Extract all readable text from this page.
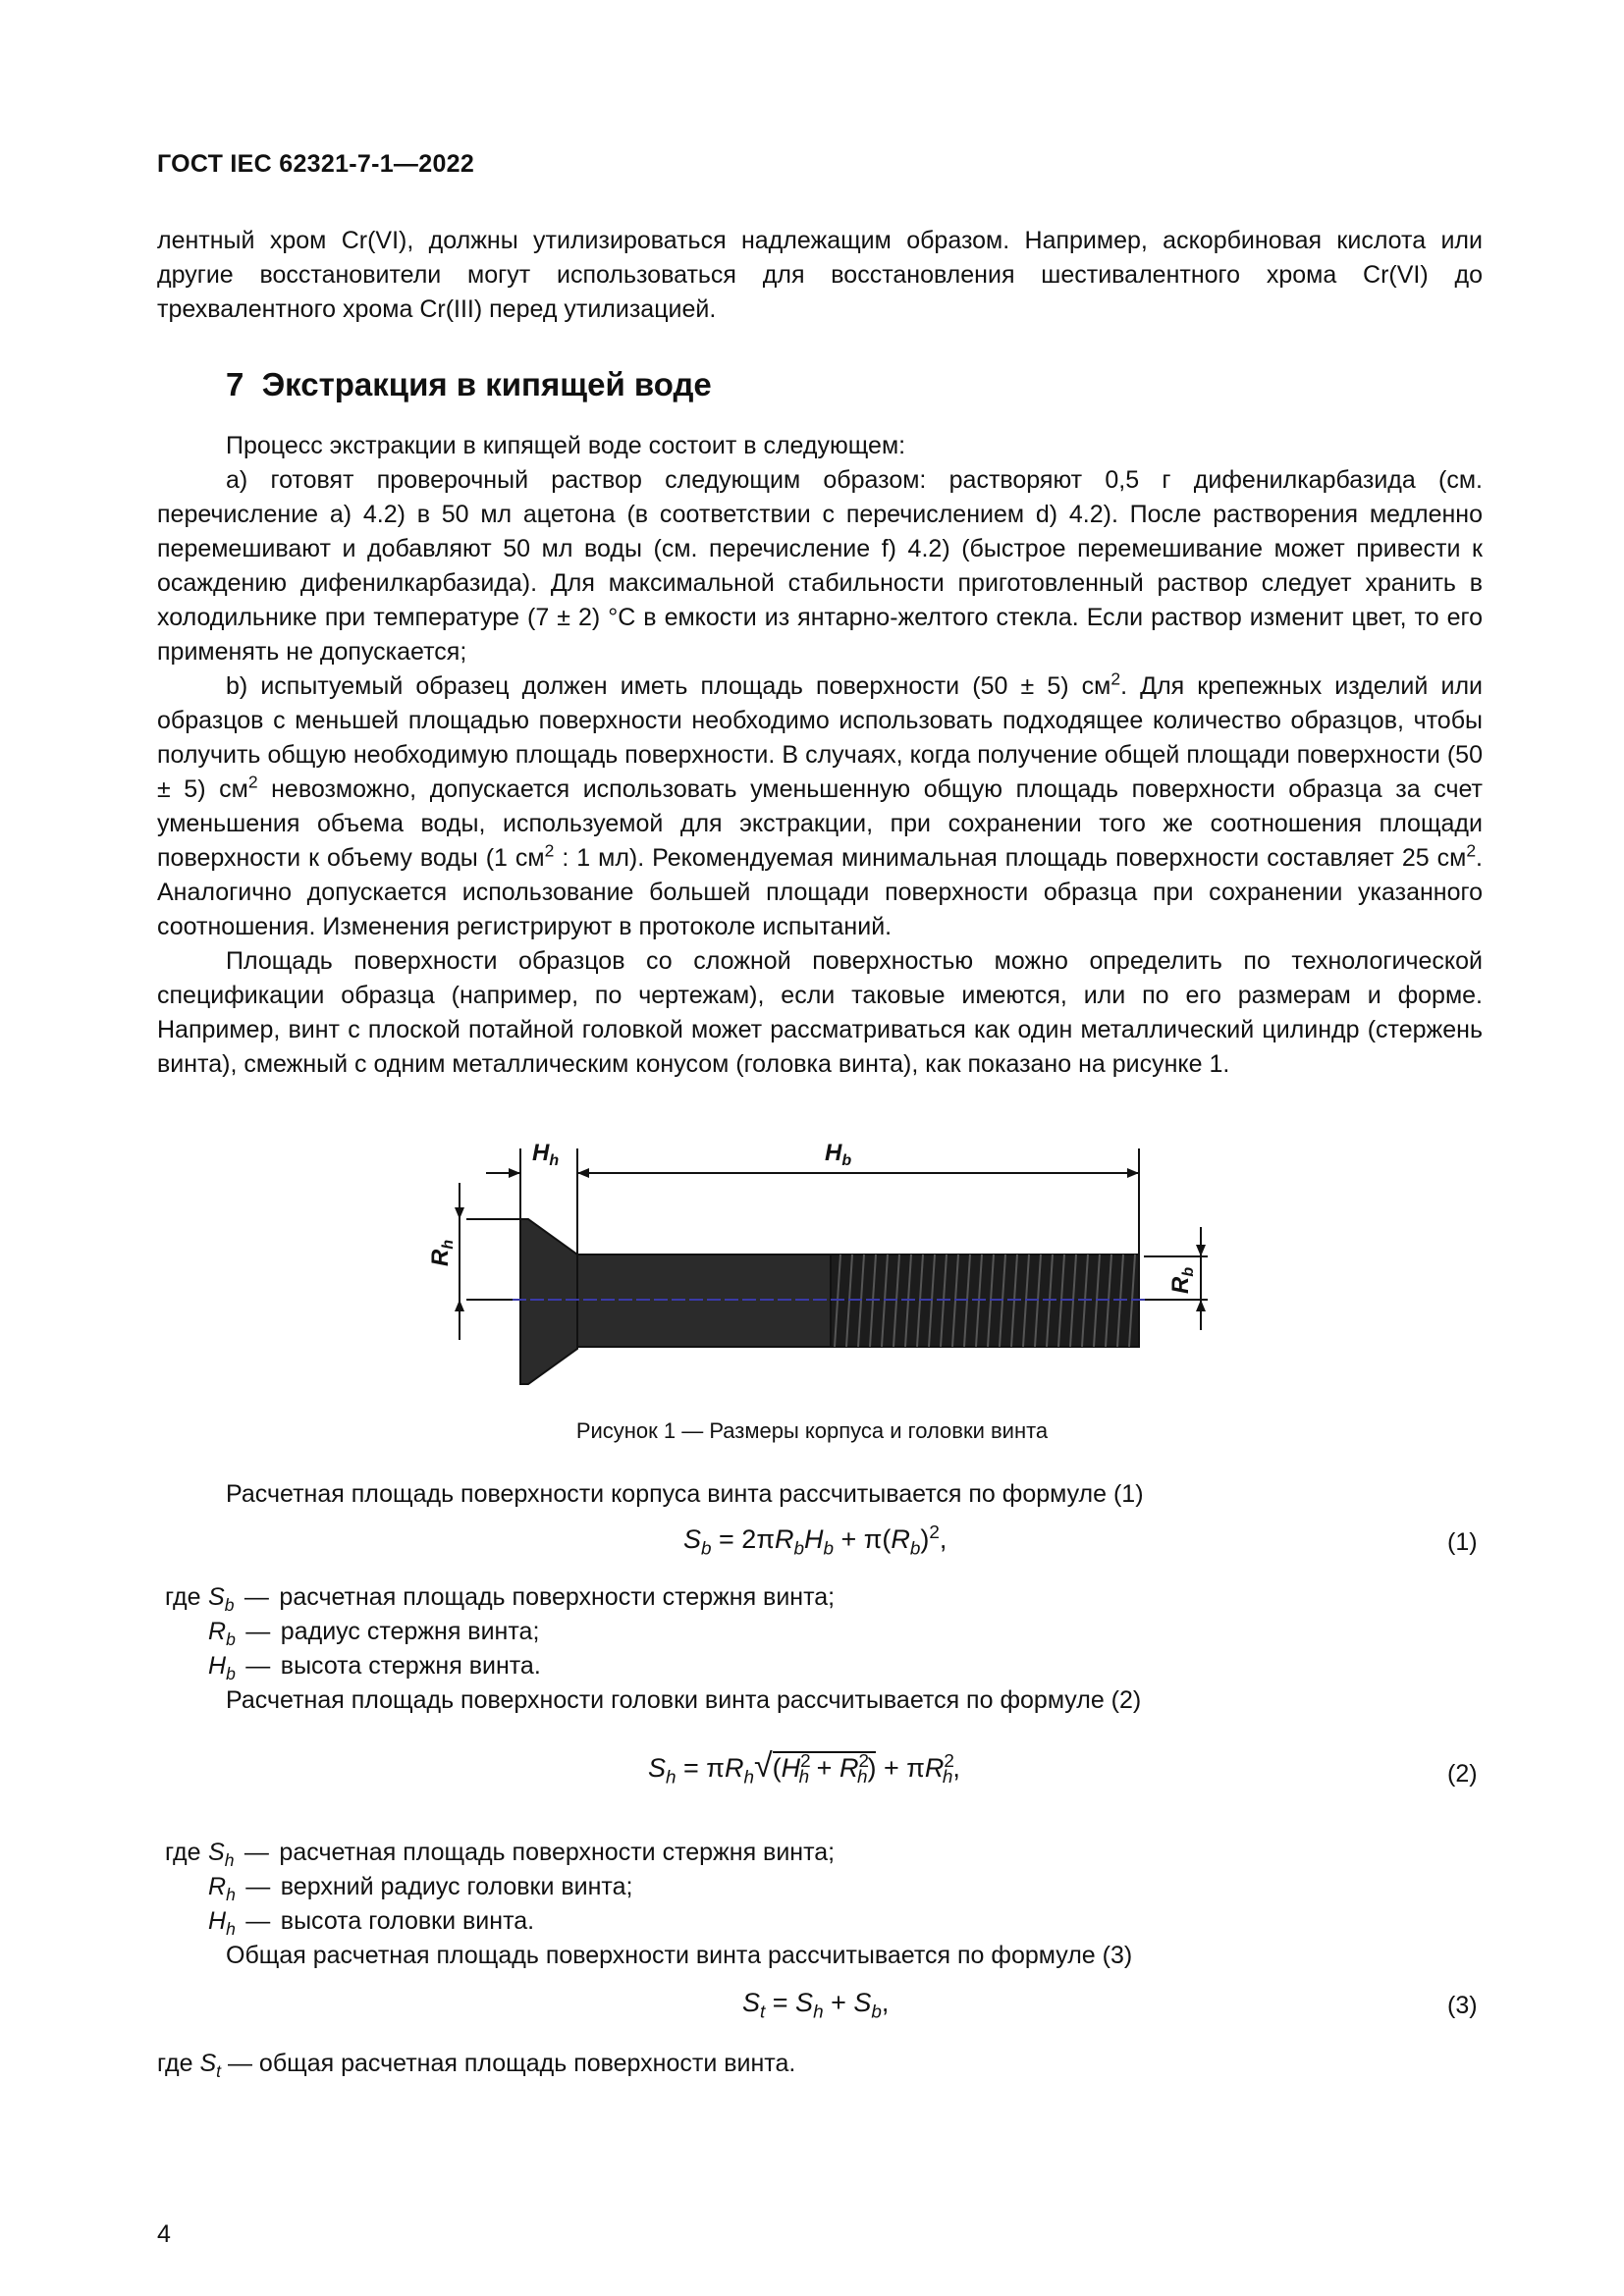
ГОСТ IEC 62321-7-1—2022

лентный хром Cr(VI), должны утилизироваться надлежащим образом. Например, аскорбиновая кислота или другие восстановители могут использоваться для восстановления шестивалентного хрома Cr(VI) до трехвалентного хрома Cr(III) перед утилизацией.

7 Экстракция в кипящей воде

Процесс экстракции в кипящей воде состоит в следующем:

a) готовят проверочный раствор следующим образом: растворяют 0,5 г дифенилкарбазида (см. перечисление a) 4.2) в 50 мл ацетона (в соответствии с перечислением d) 4.2). После растворения медленно перемешивают и добавляют 50 мл воды (см. перечисление f) 4.2) (быстрое перемешивание может привести к осаждению дифенилкарбазида). Для максимальной стабильности приготовленный раствор следует хранить в холодильнике при температуре (7 ± 2) °С в емкости из янтарно-желтого стекла. Если раствор изменит цвет, то его применять не допускается;

b) испытуемый образец должен иметь площадь поверхности (50 ± 5) $см^2$. Для крепежных изделий или образцов с меньшей площадью поверхности необходимо использовать подходящее количество образцов, чтобы получить общую необходимую площадь поверхности. В случаях, когда получение общей площади поверхности (50 ± 5) $см^2$ невозможно, допускается использовать уменьшенную общую площадь поверхности образца за счет уменьшения объема воды, используемой для экстракции, при сохранении того же соотношения площади поверхности к объему воды (1 $см^2$ : 1 мл). Рекомендуемая минимальная площадь поверхности составляет 25 $см^2$. Аналогично допускается использование большей площади поверхности образца при сохранении указанного соотношения. Изменения регистрируют в протоколе испытаний.

Площадь поверхности образцов со сложной поверхностью можно определить по технологической спецификации образца (например, по чертежам), если таковые имеются, или по его размерам и форме. Например, винт с плоской потайной головкой может рассматриваться как один металлический цилиндр (стержень винта), смежный с одним металлическим конусом (головка винта), как показано на рисунке 1.

$H_h$	$H_b$
$R_h$
$R_b$
Рисунок 1 — Размеры корпуса и головки винта
Расчетная площадь поверхности корпуса винта рассчитывается по формуле (1)
$S_b = 2\pi R_bH_b + \pi(R_b)^2$,	(1)
где $S_b$ — расчетная площадь поверхности стержня винта;
$R_b$ — радиус стержня винта;
$H_b$ — высота стержня винта.
Расчетная площадь поверхности головки винта рассчитывается по формуле (2)
$S_h = \pi R_h√(H^2_h + R^2_h) + \pi R^2_h$,	(2)
где $S_h$ — расчетная площадь поверхности стержня винта;
$R_h$ — верхний радиус головки винта;
$H_h$ — высота головки винта.
Общая расчетная площадь поверхности винта рассчитывается по формуле (3)
$S_t = S_h + S_b$,	(3)
где $S_t$ — общая расчетная площадь поверхности винта.
4
